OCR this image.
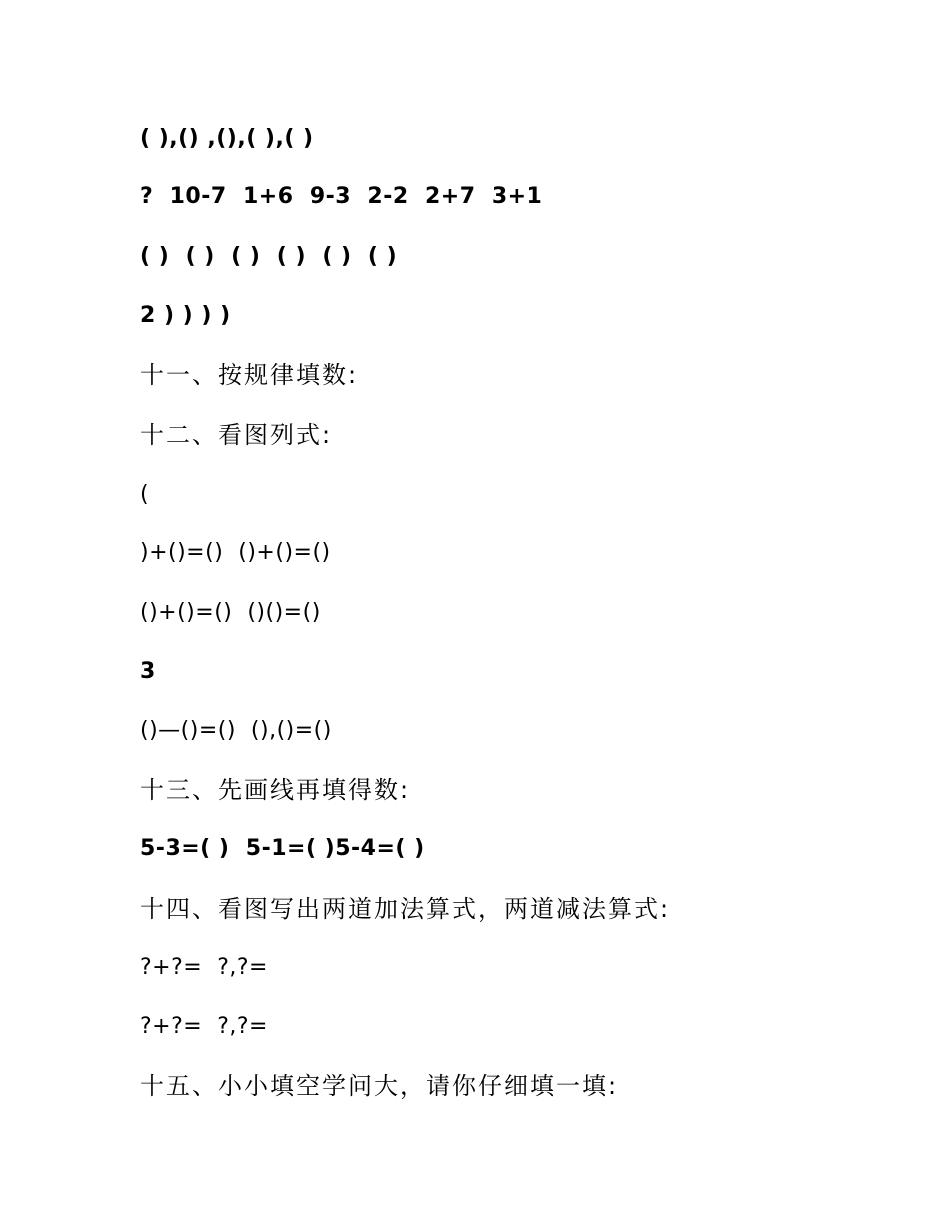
( ),() ,(),( ),( )
?  10-7  1+6  9-3  2-2  2+7  3+1
( )  ( )  ( )  ( )  ( )  ( )
2 ) ) ) )
十一、按规律填数:
十二、看图列式:
(
)+()=()  ()+()=()
()+()=()  ()()=()
3
()—()=()  (),()=()
十三、先画线再填得数:
5-3=( )  5-1=( )5-4=( )
十四、看图写出两道加法算式，两道减法算式:
?+?=  ?,?=
?+?=  ?,?=
十五、小小填空学问大，请你仔细填一填:
